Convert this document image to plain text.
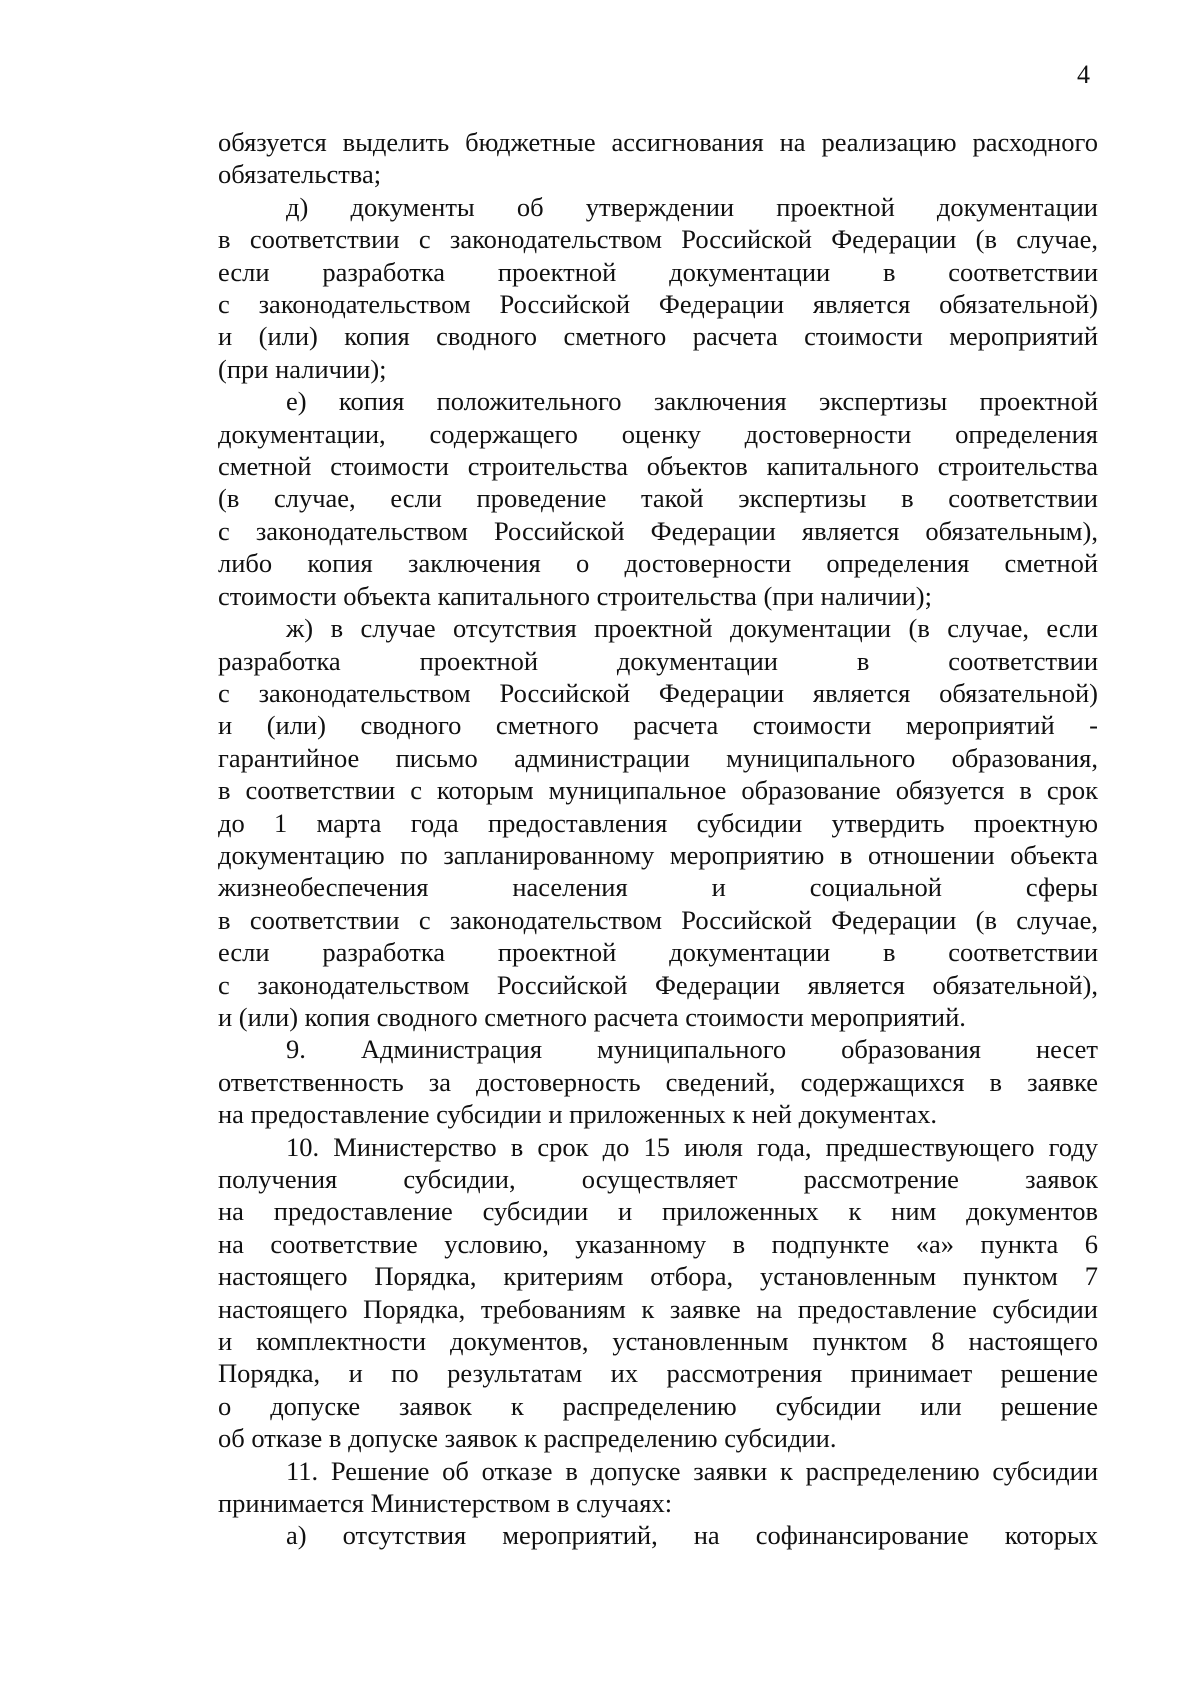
4
обязуется выделить бюджетные ассигнования на реализацию расходного
обязательства;
д) документы об утверждении проектной документации
в соответствии с законодательством Российской Федерации (в случае,
если разработка проектной документации в соответствии
с законодательством Российской Федерации является обязательной)
и (или) копия сводного сметного расчета стоимости мероприятий
(при наличии);
е) копия положительного заключения экспертизы проектной
документации, содержащего оценку достоверности определения
сметной стоимости строительства объектов капитального строительства
(в случае, если проведение такой экспертизы в соответствии
с законодательством Российской Федерации является обязательным),
либо копия заключения о достоверности определения сметной
стоимости объекта капитального строительства (при наличии);
ж) в случае отсутствия проектной документации (в случае, если
разработка проектной документации в соответствии
с законодательством Российской Федерации является обязательной)
и (или) сводного сметного расчета стоимости мероприятий -
гарантийное письмо администрации муниципального образования,
в соответствии с которым муниципальное образование обязуется в срок
до 1 марта года предоставления субсидии утвердить проектную
документацию по запланированному мероприятию в отношении объекта
жизнеобеспечения населения и социальной сферы
в соответствии с законодательством Российской Федерации (в случае,
если разработка проектной документации в соответствии
с законодательством Российской Федерации является обязательной),
и (или) копия сводного сметного расчета стоимости мероприятий.
9. Администрация муниципального образования несет
ответственность за достоверность сведений, содержащихся в заявке
на предоставление субсидии и приложенных к ней документах.
10. Министерство в срок до 15 июля года, предшествующего году
получения субсидии, осуществляет рассмотрение заявок
на предоставление субсидии и приложенных к ним документов
на соответствие условию, указанному в подпункте «а» пункта 6
настоящего Порядка, критериям отбора, установленным пунктом 7
настоящего Порядка, требованиям к заявке на предоставление субсидии
и комплектности документов, установленным пунктом 8 настоящего
Порядка, и по результатам их рассмотрения принимает решение
о допуске заявок к распределению субсидии или решение
об отказе в допуске заявок к распределению субсидии.
11. Решение об отказе в допуске заявки к распределению субсидии
принимается Министерством в случаях:
а) отсутствия мероприятий, на софинансирование которых
